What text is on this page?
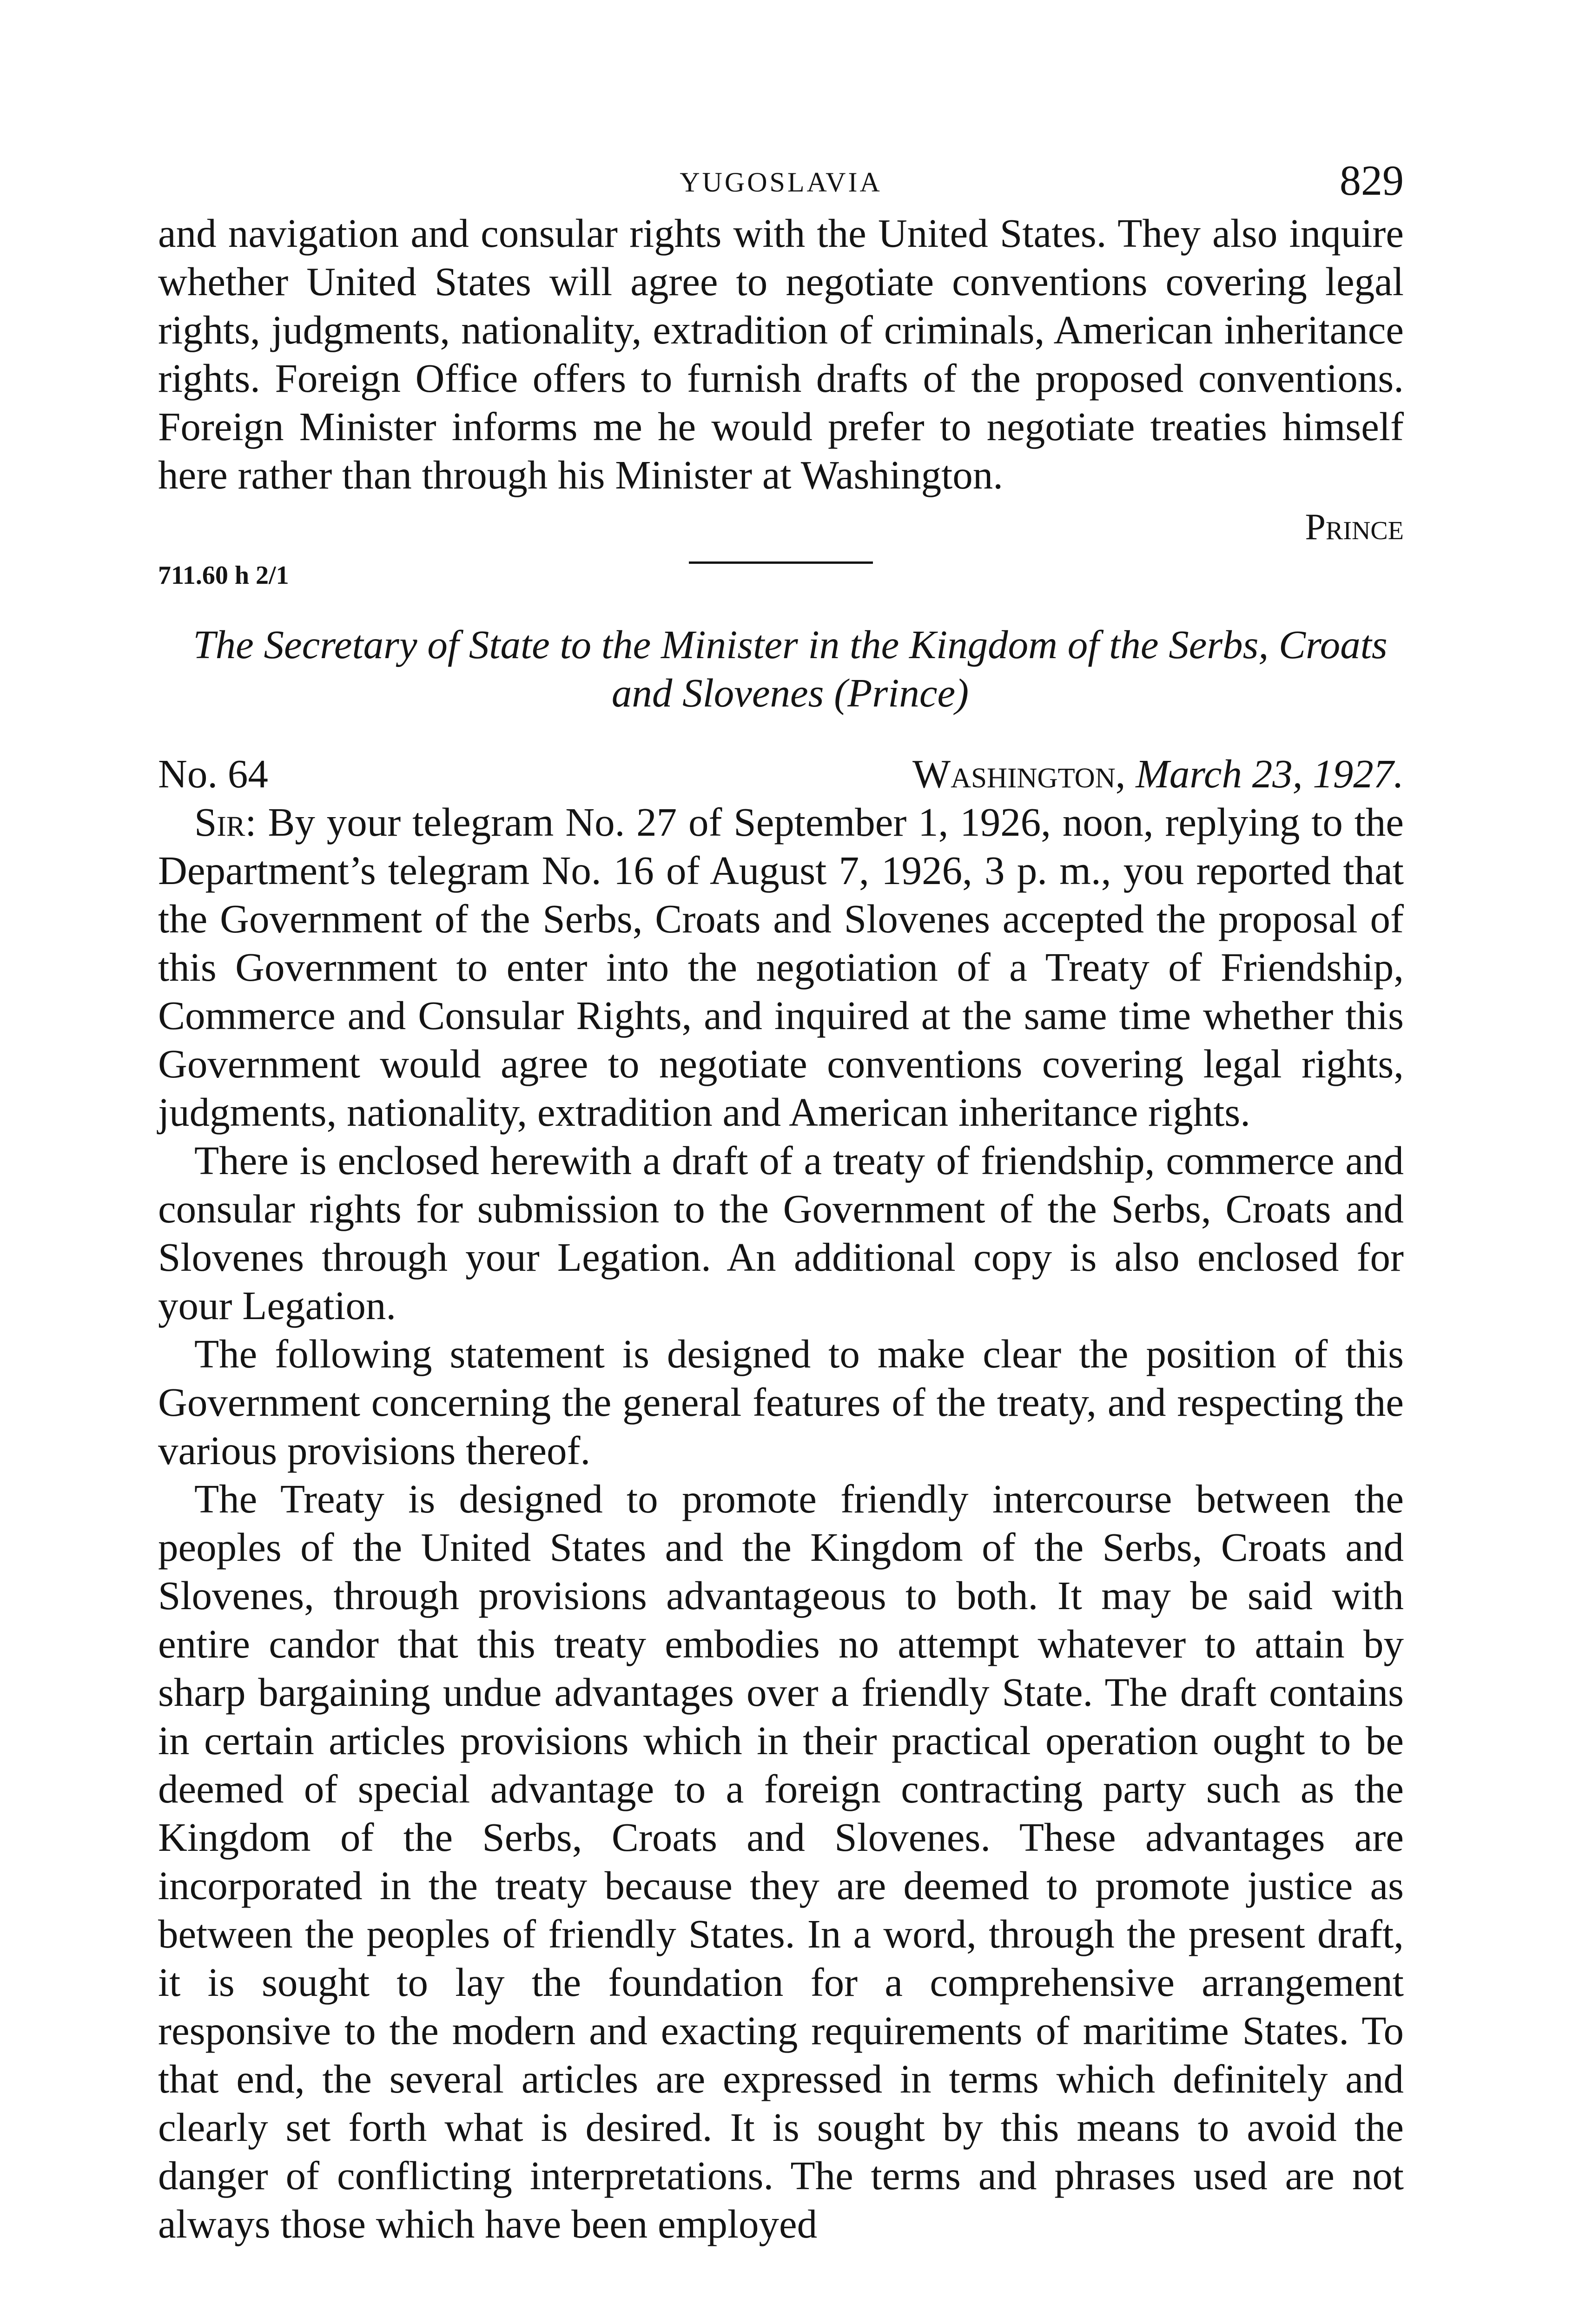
YUGOSLAVIA	829

and navigation and consular rights with the United States. They also inquire whether United States will agree to negotiate conventions covering legal rights, judgments, nationality, extradition of criminals, American inheritance rights. Foreign Office offers to furnish drafts of the proposed conventions. Foreign Minister informs me he would prefer to negotiate treaties himself here rather than through his Minister at Washington.

Prince
711.60 h 2/1
The Secretary of State to the Minister in the Kingdom of the Serbs, Croats and Slovenes (Prince)
No. 64	Washington, March 23, 1927.

Sir: By your telegram No. 27 of September 1, 1926, noon, replying to the Department’s telegram No. 16 of August 7, 1926, 3 p. m., you reported that the Government of the Serbs, Croats and Slovenes accepted the proposal of this Government to enter into the negotiation of a Treaty of Friendship, Commerce and Consular Rights, and inquired at the same time whether this Government would agree to negotiate conventions covering legal rights, judgments, nationality, extradition and American inheritance rights.

There is enclosed herewith a draft of a treaty of friendship, commerce and consular rights for submission to the Government of the Serbs, Croats and Slovenes through your Legation. An additional copy is also enclosed for your Legation.

The following statement is designed to make clear the position of this Government concerning the general features of the treaty, and respecting the various provisions thereof.

The Treaty is designed to promote friendly intercourse between the peoples of the United States and the Kingdom of the Serbs, Croats and Slovenes, through provisions advantageous to both. It may be said with entire candor that this treaty embodies no attempt whatever to attain by sharp bargaining undue advantages over a friendly State. The draft contains in certain articles provisions which in their practical operation ought to be deemed of special advantage to a foreign contracting party such as the Kingdom of the Serbs, Croats and Slovenes. These advantages are incorporated in the treaty because they are deemed to promote justice as between the peoples of friendly States. In a word, through the present draft, it is sought to lay the foundation for a comprehensive arrangement responsive to the modern and exacting requirements of maritime States. To that end, the several articles are expressed in terms which definitely and clearly set forth what is desired. It is sought by this means to avoid the danger of conflicting interpretations. The terms and phrases used are not always those which have been employed
